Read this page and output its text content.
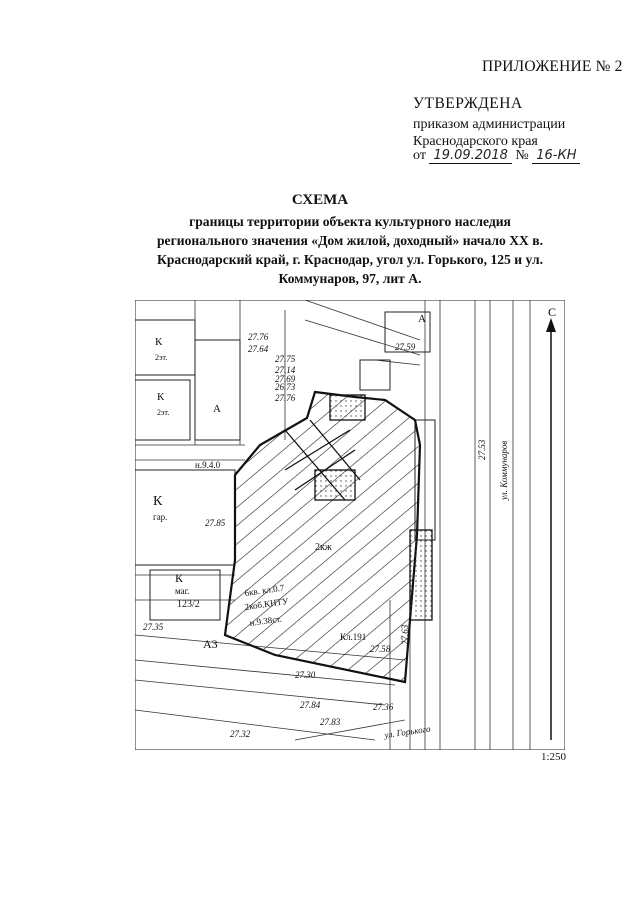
ПРИЛОЖЕНИЕ № 2
УТВЕРЖДЕНА
приказом администрации
Краснодарского края
от 19.09.2018 № 16-КН
СХЕМА
границы территории объекта культурного наследия
регионального значения «Дом жилой, доходный» начало XX в.
Краснодарский край, г. Краснодар, угол ул. Горького, 125 и ул.
Коммунаров, 97, лит А.
С
К
2эт.
А
К
2эт.
А
К
гар.
К
маг.
123/2
А3
2кж
6кв. кл.0.7
2коб.КНТУ
н.9.38ст.
Кл.191
н.9.4.0
27.76
27.64
27.75
27.14
26.73
27.69
27.76
27.85
27.58
27.30
27.84
27.83
27.32
27.36
27.59
27.53
27.63
27.35
ул. Коммунаров
ул. Горького
1:250
